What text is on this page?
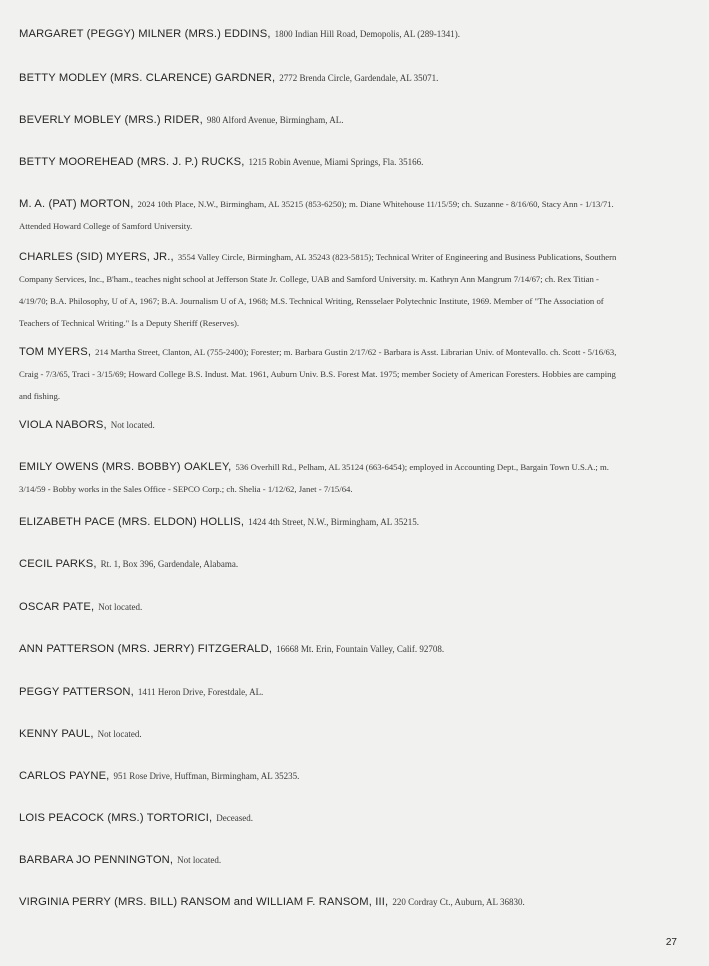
MARGARET (PEGGY) MILNER (MRS.) EDDINS, 1800 Indian Hill Road, Demopolis, AL (289-1341).
BETTY MODLEY (MRS. CLARENCE) GARDNER, 2772 Brenda Circle, Gardendale, AL 35071.
BEVERLY MOBLEY (MRS.) RIDER, 980 Alford Avenue, Birmingham, AL.
BETTY MOOREHEAD (MRS. J. P.) RUCKS, 1215 Robin Avenue, Miami Springs, Fla. 35166.
M. A. (PAT) MORTON, 2024 10th Place, N.W., Birmingham, AL 35215 (853-6250); m. Diane Whitehouse 11/15/59; ch. Suzanne - 8/16/60, Stacy Ann - 1/13/71. Attended Howard College of Samford University.
CHARLES (SID) MYERS, JR., 3554 Valley Circle, Birmingham, AL 35243 (823-5815); Technical Writer of Engineering and Business Publications, Southern Company Services, Inc., B'ham., teaches night school at Jefferson State Jr. College, UAB and Samford University. m. Kathryn Ann Mangrum 7/14/67; ch. Rex Titian - 4/19/70; B.A. Philosophy, U of A, 1967; B.A. Journalism U of A, 1968; M.S. Technical Writing, Rensselaer Polytechnic Institute, 1969. Member of "The Association of Teachers of Technical Writing." Is a Deputy Sheriff (Reserves).
TOM MYERS, 214 Martha Street, Clanton, AL (755-2400); Forester; m. Barbara Gustin 2/17/62 - Barbara is Asst. Librarian Univ. of Montevallo. ch. Scott - 5/16/63, Craig - 7/3/65, Traci - 3/15/69; Howard College B.S. Indust. Mat. 1961, Auburn Univ. B.S. Forest Mat. 1975; member Society of American Foresters. Hobbies are camping and fishing.
VIOLA NABORS, Not located.
EMILY OWENS (MRS. BOBBY) OAKLEY, 536 Overhill Rd., Pelham, AL 35124 (663-6454); employed in Accounting Dept., Bargain Town U.S.A.; m. 3/14/59 - Bobby works in the Sales Office - SEPCO Corp.; ch. Shelia - 1/12/62, Janet - 7/15/64.
ELIZABETH PACE (MRS. ELDON) HOLLIS, 1424 4th Street, N.W., Birmingham, AL 35215.
CECIL PARKS, Rt. 1, Box 396, Gardendale, Alabama.
OSCAR PATE, Not located.
ANN PATTERSON (MRS. JERRY) FITZGERALD, 16668 Mt. Erin, Fountain Valley, Calif. 92708.
PEGGY PATTERSON, 1411 Heron Drive, Forestdale, AL.
KENNY PAUL, Not located.
CARLOS PAYNE, 951 Rose Drive, Huffman, Birmingham, AL 35235.
LOIS PEACOCK (MRS.) TORTORICI, Deceased.
BARBARA JO PENNINGTON, Not located.
VIRGINIA PERRY (MRS. BILL) RANSOM and WILLIAM F. RANSOM, III, 220 Cordray Ct., Auburn, AL 36830.
27
